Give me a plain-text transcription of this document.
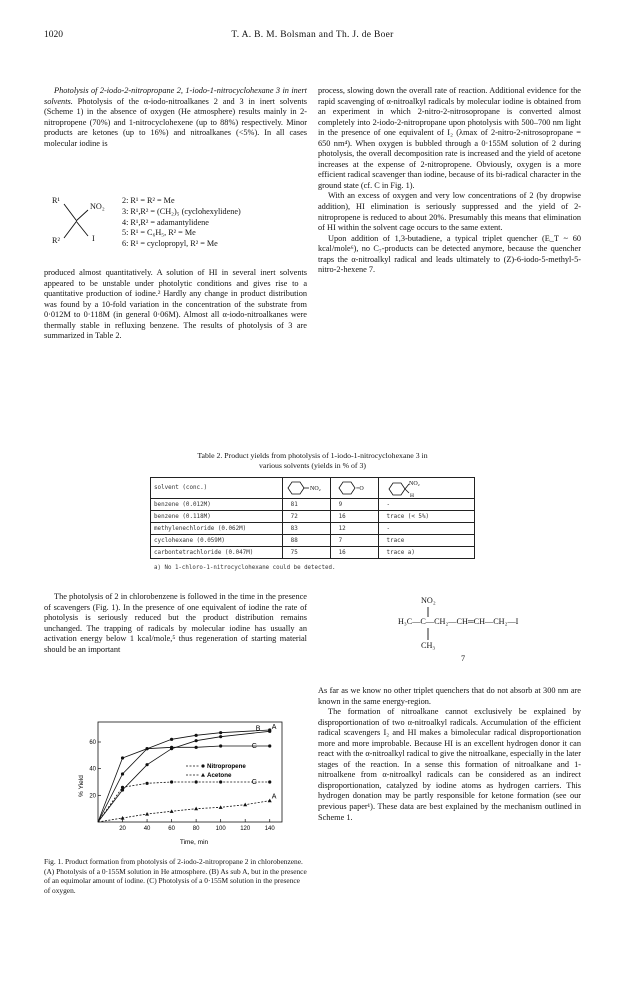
1020	T. A. B. M. Bolsman and Th. J. de Boer

Photolysis of 2-iodo-2-nitropropane 2, 1-iodo-1-nitrocyclohexane 3 in inert solvents. Photolysis of the α-iodo-nitroalkanes 2 and 3 in inert solvents (Scheme 1) in the absence of oxygen (He atmosphere) results mainly in 2-nitropropene (70%) and 1-nitrocyclohexene (up to 88%) respectively. Minor products are ketones (up to 16%) and nitroalkanes (<5%). In all cases molecular iodine is

R¹
R²
NO₂
I
2: R¹ = R² = Me
3: R¹,R² = (CH₂)₅ (cyclohexylidene)
4: R¹,R² = adamantylidene
5: R¹ = C₆H₅, R² = Me
6: R¹ = cyclopropyl, R² = Me

produced almost quantitatively. A solution of HI in several inert solvents appeared to be unstable under photolytic conditions and gives rise to a quantitative production of iodine.² Hardly any change in product distribution was found by a 10-fold variation in the concentration of the substrate from 0·012M to 0·118M (in general 0·06M). Almost all α-iodo-nitroalkanes were thermally stable in refluxing benzene. The results of photolysis of 3 are summarized in Table 2.

process, slowing down the overall rate of reaction. Additional evidence for the rapid scavenging of α-nitroalkyl radicals by molecular iodine is obtained from an experiment in which 2-nitro-2-nitrosopropane is converted almost completely into 2-iodo-2-nitropropane upon photolysis with 500–700 nm light in the presence of one equivalent of I₂ (λmax of 2-nitro-2-nitrosopropane = 650 nm⁴). When oxygen is bubbled through a 0·155M solution of 2 during photolysis, the overall decomposition rate is increased and the yield of acetone increases at the expense of 2-nitropropene. Obviously, oxygen is a more efficient radical scavenger than iodine, because of its bi-radical character in the ground state (cf. C in Fig. 1).

With an excess of oxygen and very low concentrations of 2 (by dropwise addition), HI elimination is seriously suppressed and the yield of 2-nitropropene is reduced to about 20%. Presumably this means that elimination of HI within the solvent cage occurs to the same extent.

Upon addition of 1,3-butadiene, a typical triplet quencher (E_T ~ 60 kcal/mole⁶), no C₇-products can be detected anymore, because the quencher traps the α-nitroalkyl radical and leads ultimately to (Z)-6-iodo-5-methyl-5-nitro-2-hexene 7.

Table 2. Product yields from photolysis of 1-iodo-1-nitrocyclohexane 3 in
various solvents (yields in % of 3)
solvent (conc.)	NO₂	=O	NO₂
H

benzene (0.012M)	81	9	-
benzene (0.118M)	72	16	trace (< 5%)
methylenechloride (0.062M)	83	12	-
cyclohexane (0.059M)	88	7	trace
carbontetrachloride (0.047M)	75	16	trace a)
a) No 1-chloro-1-nitrocyclohexane could be detected.

The photolysis of 2 in chlorobenzene is followed in the time in the presence of scavengers (Fig. 1). In the presence of one equivalent of iodine the rate of photolysis is seriously reduced but the product distribution remains unchanged. The trapping of radicals by molecular iodine has usually an activation energy below 1 kcal/mole,⁵ thus regeneration of starting material should be an important

NO₂
H₃C—C—CH₂—CH═CH—CH₂—I
CH₃
7

As far as we know no other triplet quenchers that do not absorb at 300 nm are known in the same energy-region.

The formation of nitroalkane cannot exclusively be explained by disproportionation of two α-nitroalkyl radicals. Accumulation of the efficient radical scavengers I₂ and HI makes a bimolecular radical disproportionation more and more improbable. Because HI is an excellent hydrogen donor it can react with the α-nitroalkyl radical to give the nitroalkane, especially in the later stages of the reaction. In a sense this formation of nitroalkane and 1-nitroalkene from α-nitroalkyl radicals can be considered as an indirect disproportionation, catalyzed by iodine atoms as hydrogen carriers. This hydrogen donation may be partly responsible for ketone formation (see our previous paper¹). These data are best explained by the mechanism outlined in Scheme 1.

% Yield
Time, min
20	40	60	80	100 120 140
20
40
60
A
B
C
C
A
Nitropropene
Acetone
Fig. 1. Product formation from photolysis of 2-iodo-2-nitropropane 2 in chlorobenzene. (A) Photolysis of a 0·155M solution in He atmosphere. (B) As sub A, but in the presence of an equimolar amount of iodine. (C) Photolysis of a 0·155M solution in the presence of oxygen.
